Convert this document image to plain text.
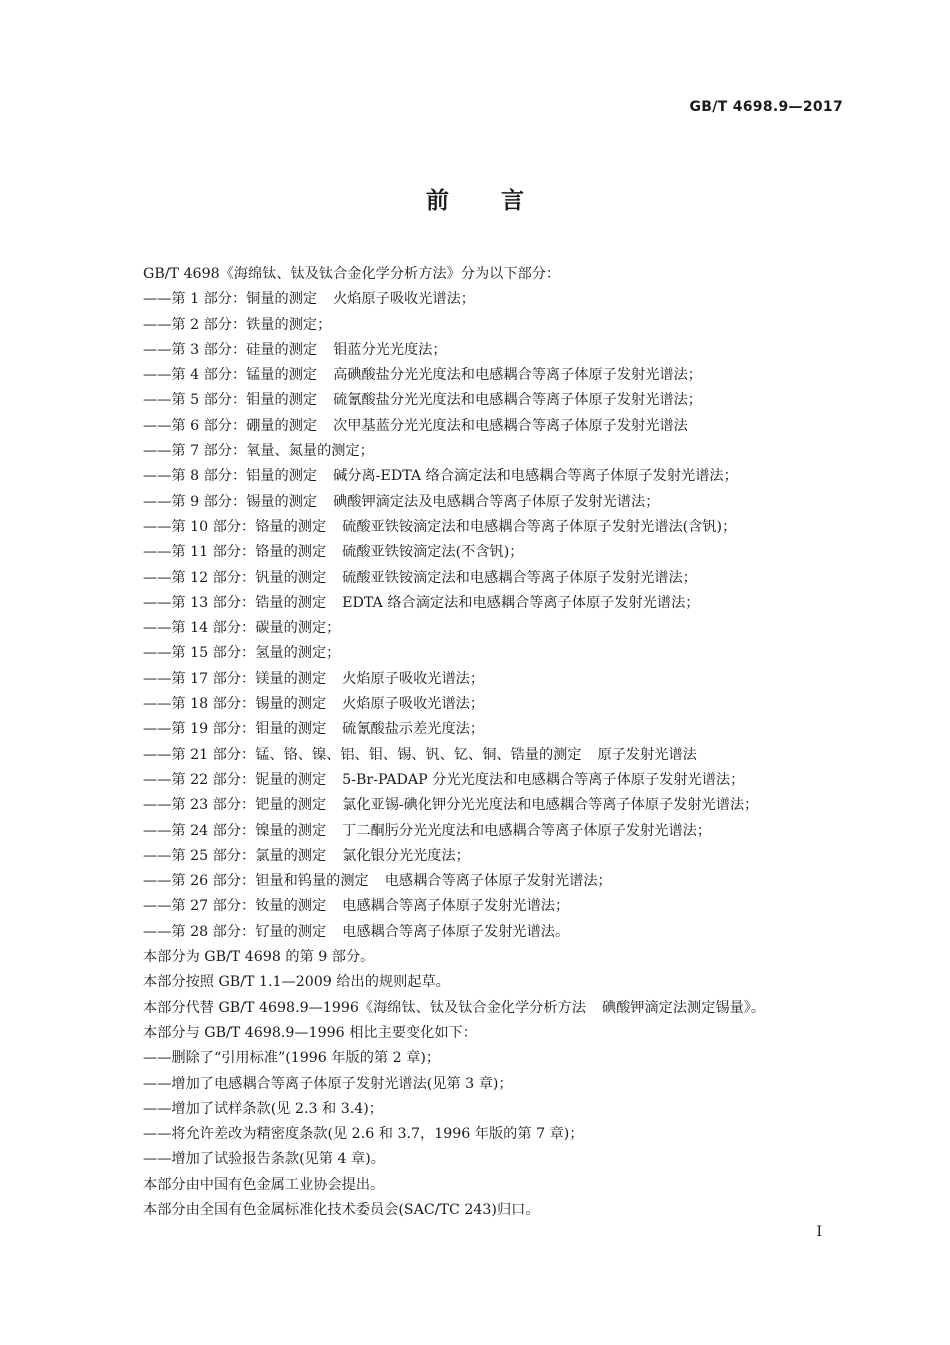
GB/T 4698.9—2017
前言
GB/T 4698《海绵钛、钛及钛合金化学分析方法》分为以下部分：
——第 1 部分：铜量的测定 火焰原子吸收光谱法；
——第 2 部分：铁量的测定；
——第 3 部分：硅量的测定 钼蓝分光光度法；
——第 4 部分：锰量的测定 高碘酸盐分光光度法和电感耦合等离子体原子发射光谱法；
——第 5 部分：钼量的测定 硫氰酸盐分光光度法和电感耦合等离子体原子发射光谱法；
——第 6 部分：硼量的测定 次甲基蓝分光光度法和电感耦合等离子体原子发射光谱法
——第 7 部分：氧量、氮量的测定；
——第 8 部分：铝量的测定 碱分离-EDTA 络合滴定法和电感耦合等离子体原子发射光谱法；
——第 9 部分：锡量的测定 碘酸钾滴定法及电感耦合等离子体原子发射光谱法；
——第 10 部分：铬量的测定 硫酸亚铁铵滴定法和电感耦合等离子体原子发射光谱法(含钒)；
——第 11 部分：铬量的测定 硫酸亚铁铵滴定法(不含钒)；
——第 12 部分：钒量的测定 硫酸亚铁铵滴定法和电感耦合等离子体原子发射光谱法；
——第 13 部分：锆量的测定 EDTA 络合滴定法和电感耦合等离子体原子发射光谱法；
——第 14 部分：碳量的测定；
——第 15 部分：氢量的测定；
——第 17 部分：镁量的测定 火焰原子吸收光谱法；
——第 18 部分：锡量的测定 火焰原子吸收光谱法；
——第 19 部分：钼量的测定 硫氰酸盐示差光度法；
——第 21 部分：锰、铬、镍、铝、钼、锡、钒、钇、铜、锆量的测定 原子发射光谱法
——第 22 部分：铌量的测定 5-Br-PADAP 分光光度法和电感耦合等离子体原子发射光谱法；
——第 23 部分：钯量的测定 氯化亚锡-碘化钾分光光度法和电感耦合等离子体原子发射光谱法；
——第 24 部分：镍量的测定 丁二酮肟分光光度法和电感耦合等离子体原子发射光谱法；
——第 25 部分：氯量的测定 氯化银分光光度法；
——第 26 部分：钽量和钨量的测定 电感耦合等离子体原子发射光谱法；
——第 27 部分：钕量的测定 电感耦合等离子体原子发射光谱法；
——第 28 部分：钌量的测定 电感耦合等离子体原子发射光谱法。
本部分为 GB/T 4698 的第 9 部分。
本部分按照 GB/T 1.1—2009 给出的规则起草。
本部分代替 GB/T 4698.9—1996《海绵钛、钛及钛合金化学分析方法 碘酸钾滴定法测定锡量》。
本部分与 GB/T 4698.9—1996 相比主要变化如下：
——删除了“引用标准”(1996 年版的第 2 章)；
——增加了电感耦合等离子体原子发射光谱法(见第 3 章)；
——增加了试样条款(见 2.3 和 3.4)；
——将允许差改为精密度条款(见 2.6 和 3.7，1996 年版的第 7 章)；
——增加了试验报告条款(见第 4 章)。
本部分由中国有色金属工业协会提出。
本部分由全国有色金属标准化技术委员会(SAC/TC 243)归口。
I
